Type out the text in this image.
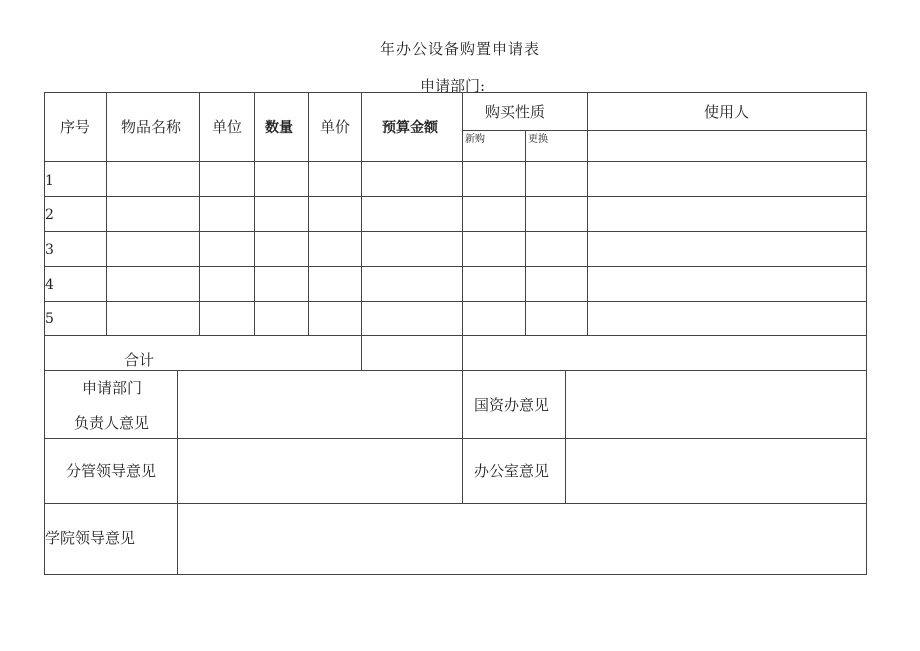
年办公设备购置申请表
申请部门:
序号 物品名称 单位 数量 单价 预算金额
购买性质
新购	更换
使用人
1
2
3
4
5
合计
申请部门
负责人意见
国资办意见
分管领导意见	办公室意见
学院领导意见
